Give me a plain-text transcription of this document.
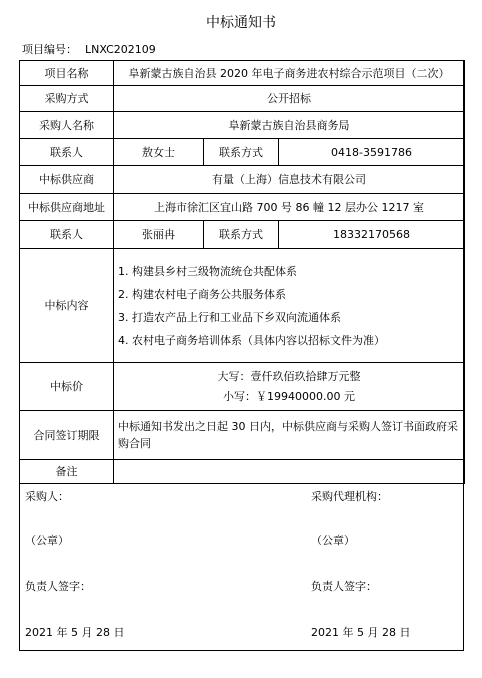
中标通知书
项目编号： LNXC202109
项目名称	阜新蒙古族自治县 2020 年电子商务进农村综合示范项目（二次）		
采购方式	公开招标		
采购人名称	阜新蒙古族自治县商务局		
联系人	敖女士	联系方式	0418-3591786
中标供应商	有量（上海）信息技术有限公司		
中标供应商地址	上海市徐汇区宜山路 700 号 86 幢 12 层办公 1217 室		
联系人	张丽冉	联系方式	18332170568
中标内容	1. 构建县乡村三级物流统仓共配体系
2. 构建农村电子商务公共服务体系
3. 打造农产品上行和工业品下乡双向流通体系
4. 农村电子商务培训体系（具体内容以招标文件为准）		

中标价	大写：壹仟玖佰玖拾肆万元整
小写：￥19940000.00 元		

合同签订期限	中标通知书发出之日起 30 日内，中标供应商与采购人签订书面政府采购合同		
备注			
采购人：	采购代理机构：
（公章）	（公章）
负责人签字：	负责人签字：
2021 年 5 月 28 日	2021 年 5 月 28 日
